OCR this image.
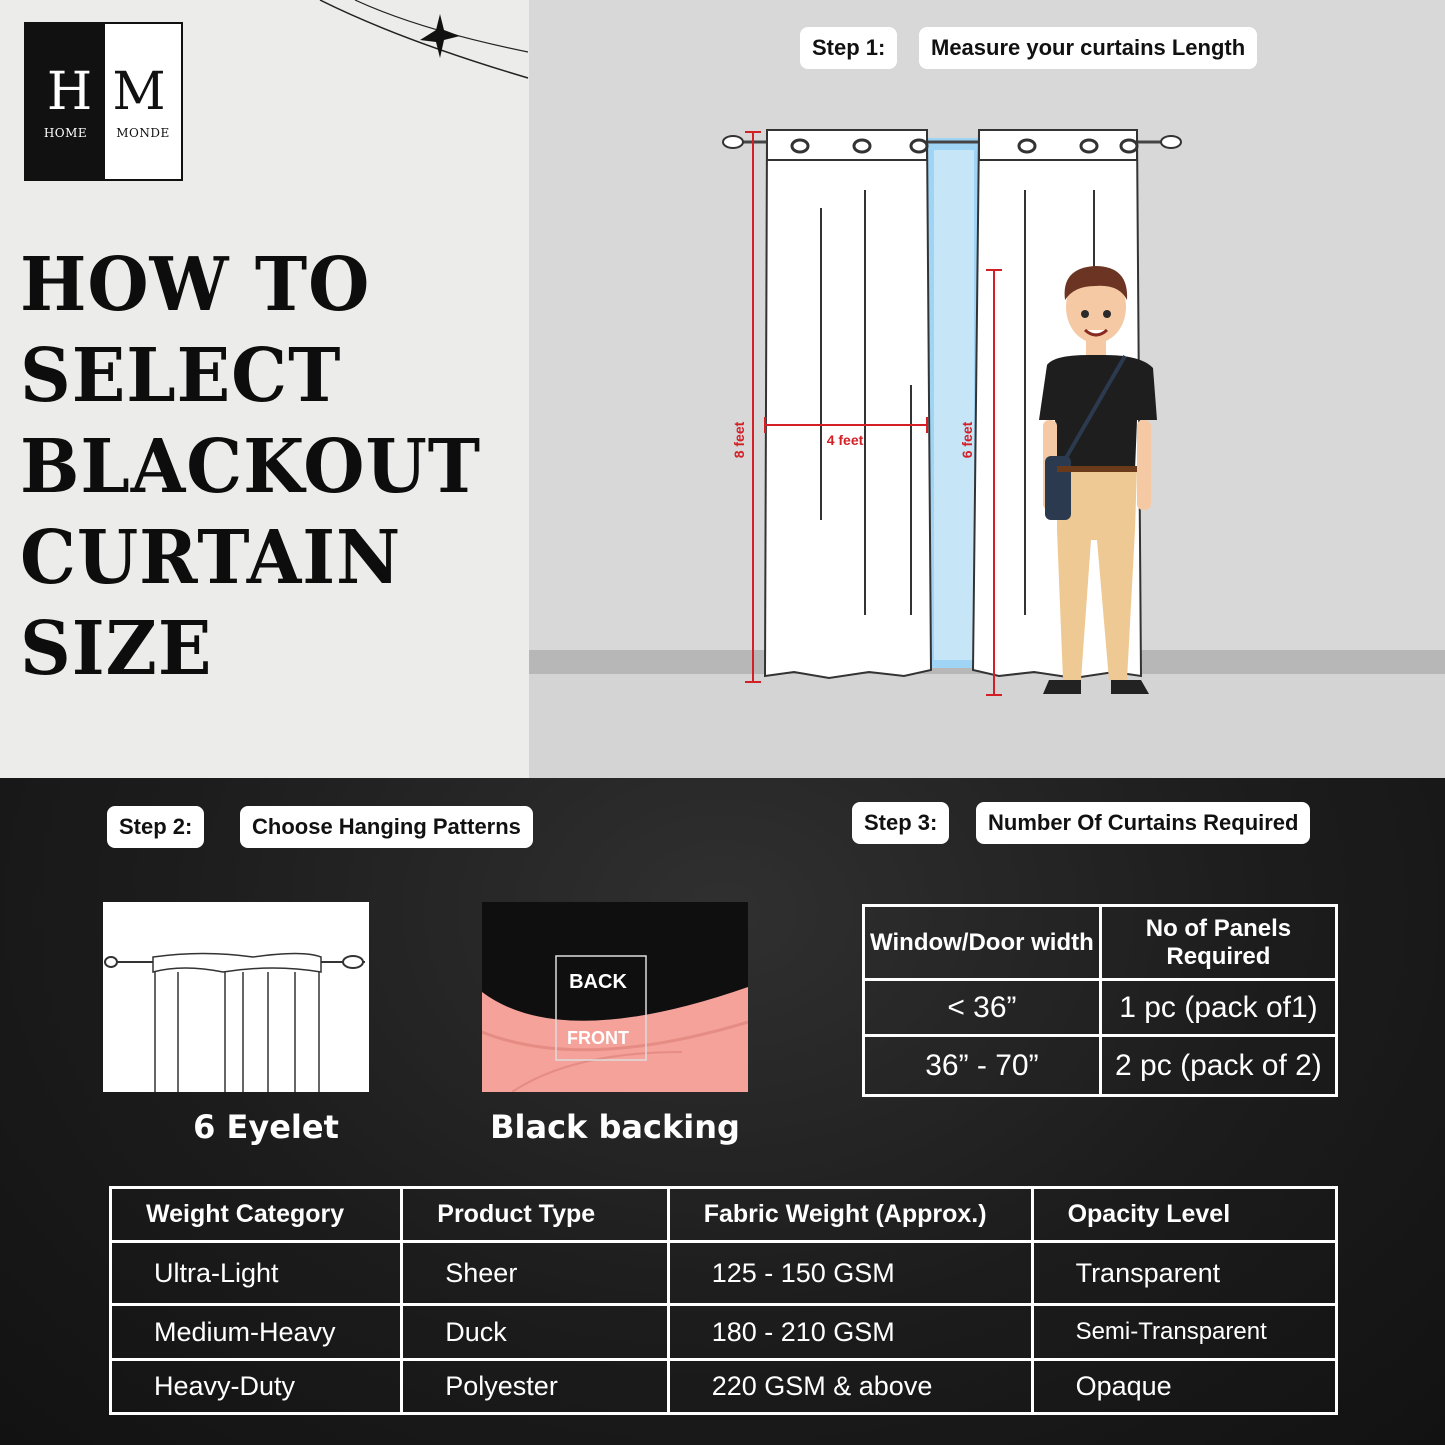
H
HOME
M
MONDE
HOW TO
SELECT
BLACKOUT
CURTAIN
SIZE
Step 1:	Measure your curtains Length
8 feet	4 feet	6 feet
Step 2:	Choose Hanging Patterns	Step 3:	Number Of Curtains Required
6 Eyelet
BACK
FRONT
Black backing
Window/Door width	No of Panels Required
< 36”	1 pc (pack of1)
36” - 70”	2 pc (pack of 2)
Weight Category	Product Type	Fabric Weight (Approx.)	Opacity Level
Ultra-Light	Sheer	125 - 150 GSM	Transparent
Medium-Heavy	Duck	180 - 210 GSM	Semi-Transparent
Heavy-Duty	Polyester	220 GSM & above	Opaque
